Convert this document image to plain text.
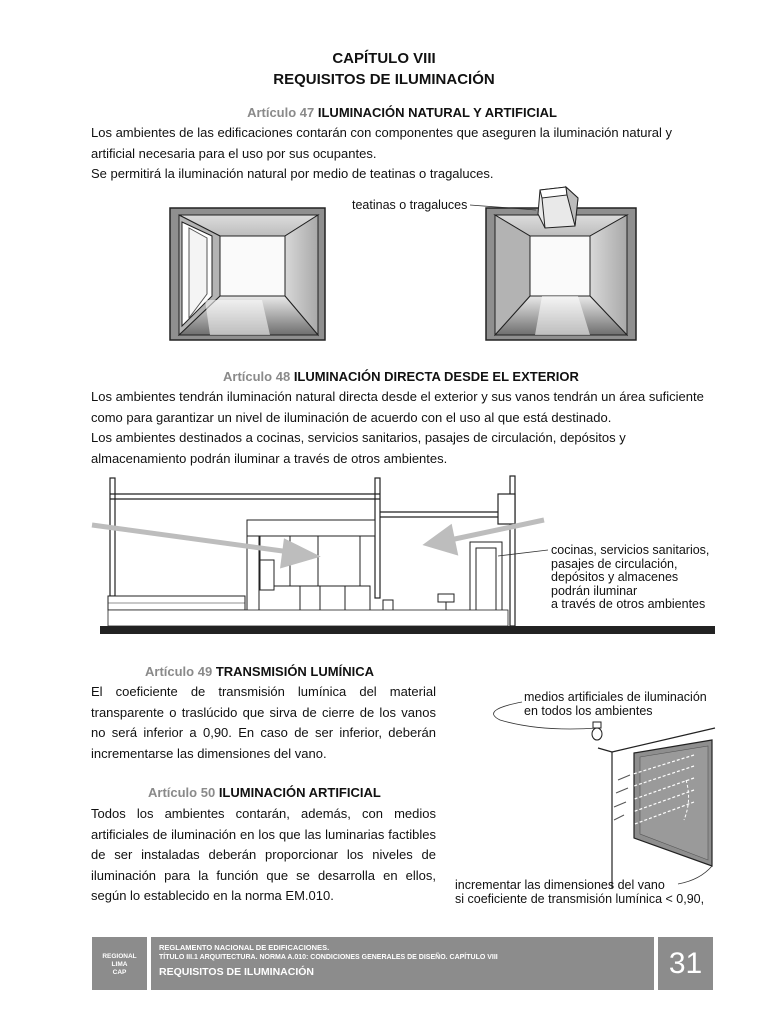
CAPÍTULO VIII
REQUISITOS DE ILUMINACIÓN
Artículo 47 ILUMINACIÓN NATURAL Y ARTIFICIAL
Los ambientes de las edificaciones contarán con componentes que aseguren la iluminación natural y artificial necesaria para el uso por sus ocupantes.
Se permitirá la iluminación natural por medio de teatinas o tragaluces.
teatinas o tragaluces
Artículo 48 ILUMINACIÓN DIRECTA DESDE EL EXTERIOR
Los ambientes tendrán iluminación natural directa desde el exterior y sus vanos tendrán un área suficiente como para garantizar un nivel de iluminación de acuerdo con el uso al que está destinado.
Los ambientes destinados a cocinas, servicios sanitarios, pasajes de circulación, depósitos y almacenamiento podrán iluminar a través de otros ambientes.
cocinas, servicios sanitarios,
pasajes de circulación,
depósitos y almacenes
podrán iluminar
a través de otros ambientes
Artículo 49 TRANSMISIÓN LUMÍNICA
El coeficiente de transmisión lumínica del material transparente o traslúcido que sirva de cierre de los vanos no será inferior a 0,90. En caso de ser inferior, deberán incrementarse las dimensiones del vano.
Artículo 50 ILUMINACIÓN ARTIFICIAL
Todos los ambientes contarán, además, con medios artificiales de iluminación en los que las luminarias factibles de ser instaladas deberán proporcionar los niveles de iluminación para la función que se desarrolla en ellos, según lo establecido en la norma EM.010.
medios artificiales de iluminación
en todos los ambientes
incrementar las dimensiones del vano
si coeficiente de transmisión lumínica < 0,90,
REGIONAL
LIMA
CAP
REGLAMENTO NACIONAL DE EDIFICACIONES.
TÍTULO III.1 ARQUITECTURA. NORMA A.010: CONDICIONES GENERALES DE DISEÑO. CAPÍTULO VIII
REQUISITOS DE ILUMINACIÓN	31
